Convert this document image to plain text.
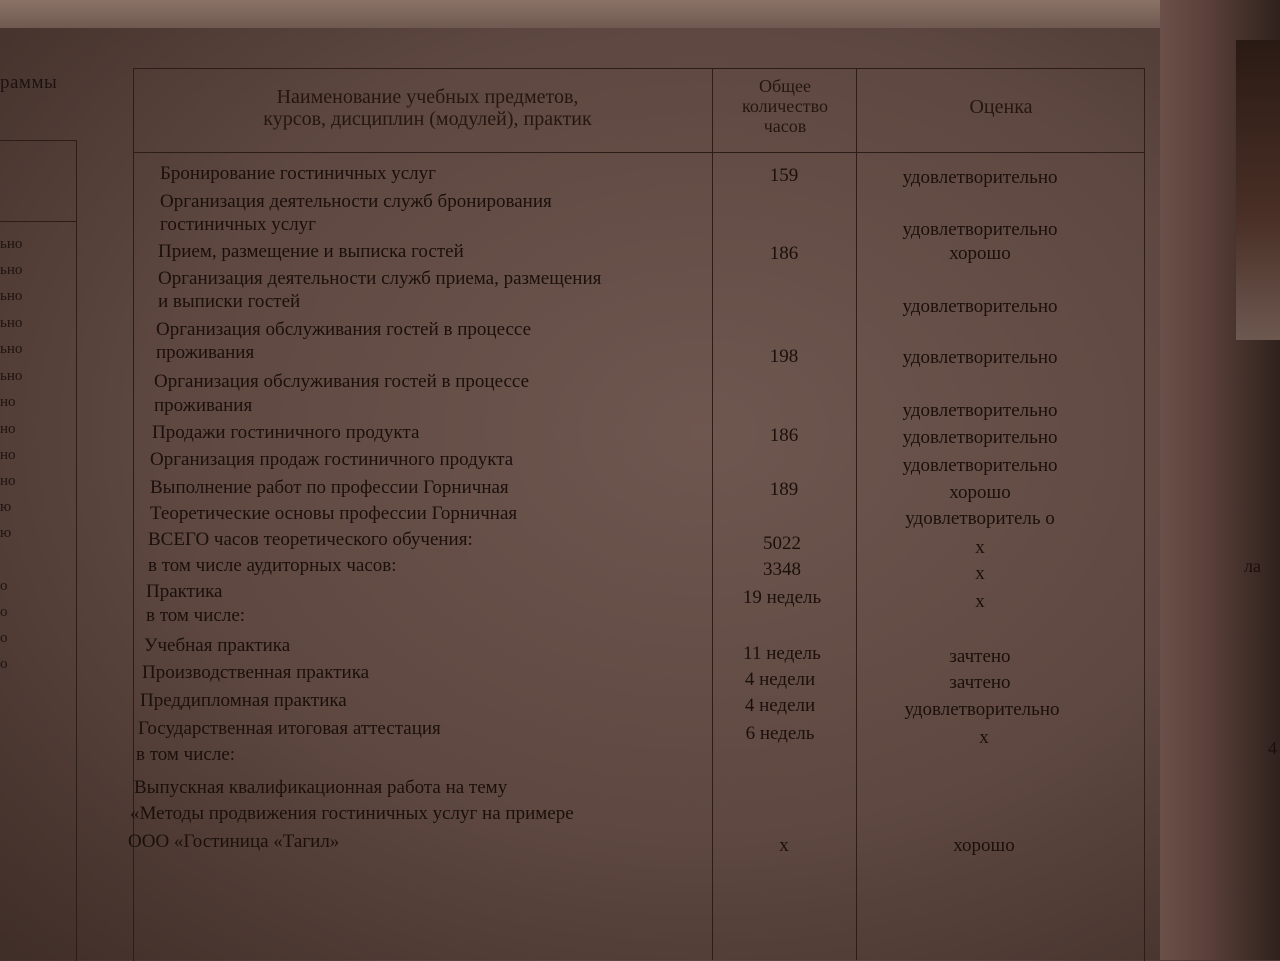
ла
4
раммы
ьно
ьно
ьно
ьно
ьно
ьно
но
но
но
но
ю
ю
о
о
о
о
Наименование учебных предметов,
курсов, дисциплин (модулей), практик
Общее
количество
часов
Оценка
Бронирование гостиничных услуг
Организация деятельности служб бронирования
гостиничных услуг
Прием, размещение и выписка гостей
Организация деятельности служб приема, размещения
и выписки гостей
Организация обслуживания гостей в процессе
проживания
Организация обслуживания гостей в процессе
проживания
Продажи гостиничного продукта
Организация продаж гостиничного продукта
Выполнение работ по профессии Горничная
Теоретические основы профессии Горничная
ВСЕГО часов теоретического обучения:
в том числе аудиторных часов:
Практика
в том числе:
Учебная практика
Производственная практика
Преддипломная практика
Государственная итоговая аттестация
в том числе:
Выпускная квалификационная работа на тему
«Методы продвижения гостиничных услуг на примере
ООО «Гостиница «Тагил»
159
186
198
186
189
5022
3348
19 недель
11 недель
4 недели
4 недели
6 недель
x
удовлетворительно
удовлетворительно
хорошо
удовлетворительно
удовлетворительно
удовлетворительно
удовлетворительно
удовлетворительно
хорошо
удовлетворитель о
x
x
x
зачтено
зачтено
удовлетворительно
x
хорошо
